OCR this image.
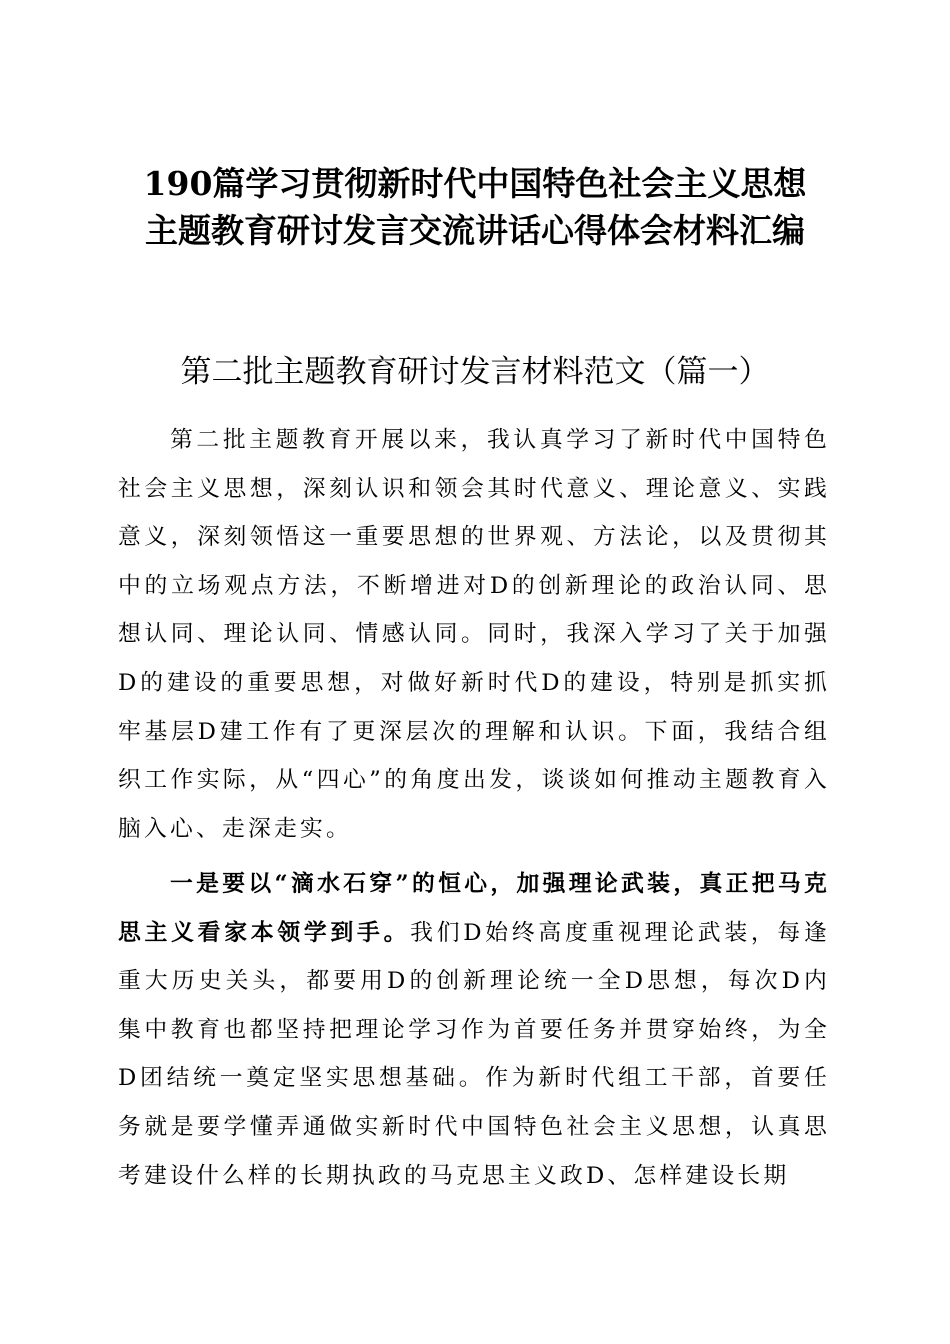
190篇学习贯彻新时代中国特色社会主义思想
主题教育研讨发言交流讲话心得体会材料汇编
第二批主题教育研讨发言材料范文（篇一）

第二批主题教育开展以来，我认真学习了新时代中国特色社会主义思想，深刻认识和领会其时代意义、理论意义、实践意义，深刻领悟这一重要思想的世界观、方法论，以及贯彻其中的立场观点方法，不断增进对D的创新理论的政治认同、思想认同、理论认同、情感认同。同时，我深入学习了关于加强D的建设的重要思想，对做好新时代D的建设，特别是抓实抓牢基层D建工作有了更深层次的理解和认识。下面，我结合组织工作实际，从“四心”的角度出发，谈谈如何推动主题教育入脑入心、走深走实。

一是要以“滴水石穿”的恒心，加强理论武装，真正把马克思主义看家本领学到手。我们D始终高度重视理论武装，每逢重大历史关头，都要用D的创新理论统一全D思想，每次D内集中教育也都坚持把理论学习作为首要任务并贯穿始终，为全D团结统一奠定坚实思想基础。作为新时代组工干部，首要任务就是要学懂弄通做实新时代中国特色社会主义思想，认真思考建设什么样的长期执政的马克思主义政D、怎样建设长期
